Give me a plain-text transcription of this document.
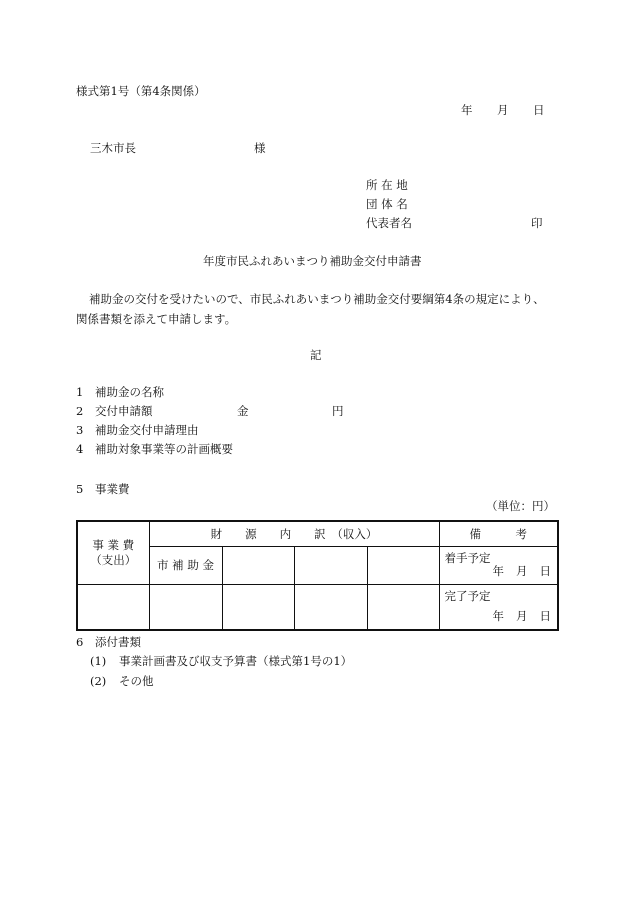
様式第1号（第4条関係）
年 月 日
三木市長	様
所 在 地
団 体 名
代表者名	印
年度市民ふれあいまつり補助金交付申請書
補助金の交付を受けたいので、市民ふれあいまつり補助金交付要綱第4条の規定により、
関係書類を添えて申請します。
記
1 補助金の名称
2 交付申請額	金	円
3 補助金交付申請理由
4 補助対象事業等の計画概要
5 事業費
（単位：円）
事 業 費
（支出）	財　　源　　内　　訳　（収入）				備　　　考
	市 補 助 金				着手予定
年 月 日

					完了予定
年 月 日
6 添付書類
(1) 事業計画書及び収支予算書（様式第1号の1）
(2) その他
